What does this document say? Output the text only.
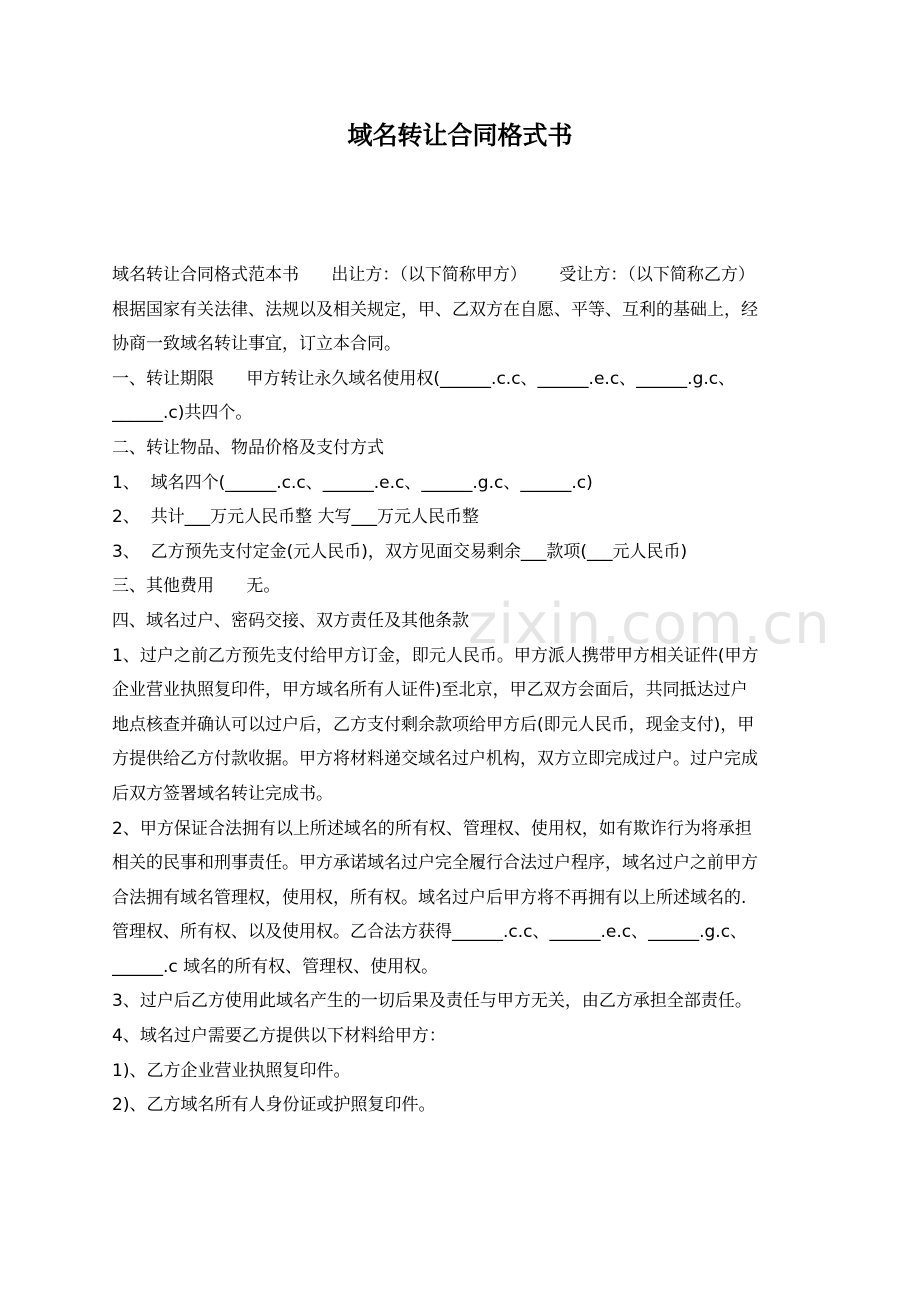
域名转让合同格式书
域名转让合同格式范本书      出让方：（以下简称甲方）      受让方：（以下简称乙方）
根据国家有关法律、法规以及相关规定，甲、乙双方在自愿、平等、互利的基础上，经
协商一致域名转让事宜，订立本合同。
一、转让期限      甲方转让永久域名使用权(______.c.c、______.e.c、______.g.c、
______.c)共四个。
二、转让物品、物品价格及支付方式
1、  域名四个(______.c.c、______.e.c、______.g.c、______.c)
2、  共计___万元人民币整 大写___万元人民币整
3、  乙方预先支付定金(元人民币)，双方见面交易剩余___款项(___元人民币)
三、其他费用      无。
四、域名过户、密码交接、双方责任及其他条款
1、过户之前乙方预先支付给甲方订金，即元人民币。甲方派人携带甲方相关证件(甲方
企业营业执照复印件，甲方域名所有人证件)至北京，甲乙双方会面后，共同抵达过户
地点核查并确认可以过户后，乙方支付剩余款项给甲方后(即元人民币，现金支付)，甲
方提供给乙方付款收据。甲方将材料递交域名过户机构，双方立即完成过户。过户完成
后双方签署域名转让完成书。
2、甲方保证合法拥有以上所述域名的所有权、管理权、使用权，如有欺诈行为将承担
相关的民事和刑事责任。甲方承诺域名过户完全履行合法过户程序，域名过户之前甲方
合法拥有域名管理权，使用权，所有权。域名过户后甲方将不再拥有以上所述域名的.
管理权、所有权、以及使用权。乙合法方获得______.c.c、______.e.c、______.g.c、
______.c 域名的所有权、管理权、使用权。
3、过户后乙方使用此域名产生的一切后果及责任与甲方无关，由乙方承担全部责任。
4、域名过户需要乙方提供以下材料给甲方：
1)、乙方企业营业执照复印件。
2)、乙方域名所有人身份证或护照复印件。
zixin.com.cn
